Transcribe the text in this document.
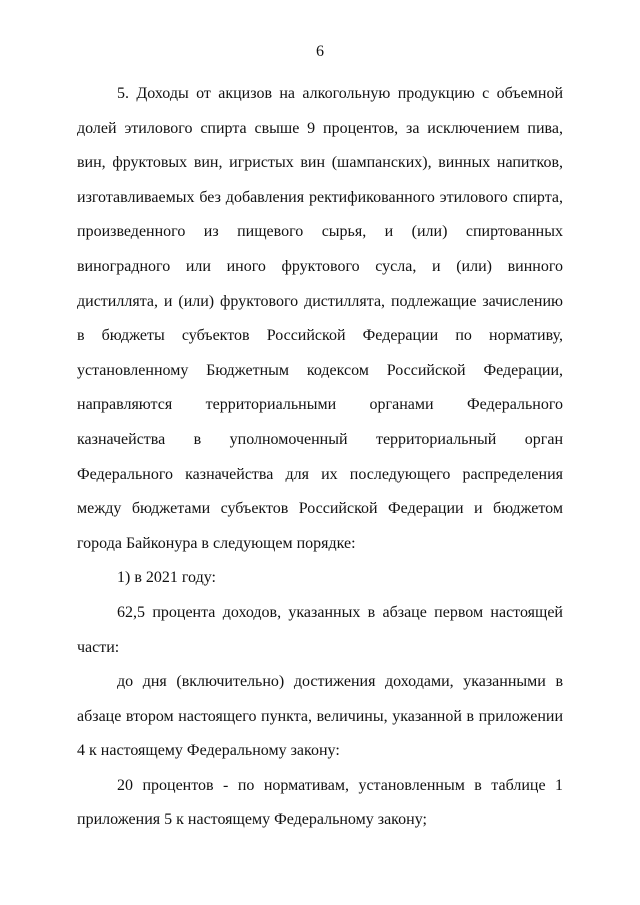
6

5. Доходы от акцизов на алкогольную продукцию с объемной долей этилового спирта свыше 9 процентов, за исключением пива, вин, фруктовых вин, игристых вин (шампанских), винных напитков, изготавливаемых без добавления ректификованного этилового спирта, произведенного из пищевого сырья, и (или) спиртованных виноградного или иного фруктового сусла, и (или) винного дистиллята, и (или) фруктового дистиллята, подлежащие зачислению в бюджеты субъектов Российской Федерации по нормативу, установленному Бюджетным кодексом Российской Федерации, направляются территориальными органами Федерального казначейства в уполномоченный территориальный орган Федерального казначейства для их последующего распределения между бюджетами субъектов Российской Федерации и бюджетом города Байконура в следующем порядке:

1) в 2021 году:

62,5 процента доходов, указанных в абзаце первом настоящей части:

до дня (включительно) достижения доходами, указанными в абзаце втором настоящего пункта, величины, указанной в приложении 4 к настоящему Федеральному закону:

20 процентов - по нормативам, установленным в таблице 1 приложения 5 к настоящему Федеральному закону;
